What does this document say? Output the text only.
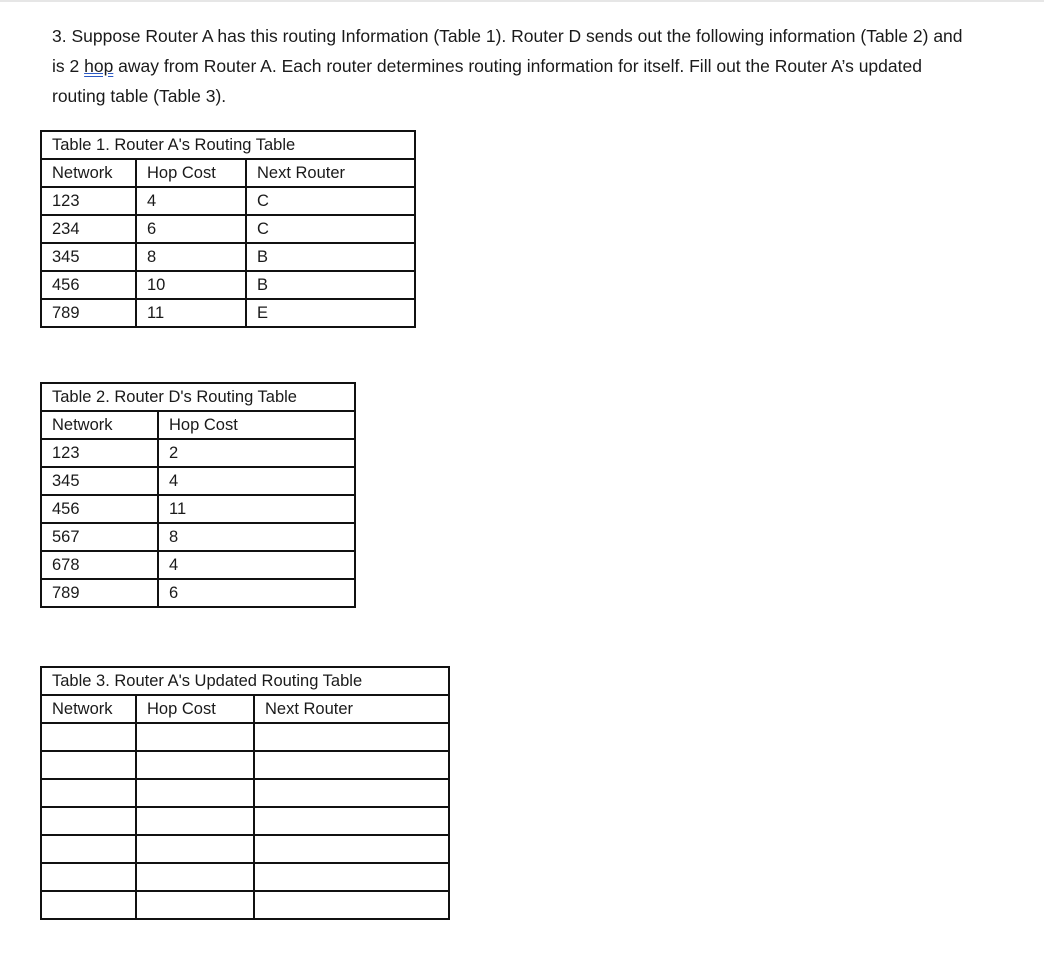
3. Suppose Router A has this routing Information (Table 1). Router D sends out the following information (Table 2) and is 2 hop away from Router A. Each router determines routing information for itself. Fill out the Router A’s updated routing table (Table 3).
Table 1. Router A's Routing Table		
Network	Hop Cost	Next Router
123	4	C
234	6	C
345	8	B
456	10	B
789	11	E
Table 2. Router D's Routing Table	
Network	Hop Cost
123	2
345	4
456	11
567	8
678	4
789	6
Table 3. Router A's Updated Routing Table		
Network	Hop Cost	Next Router
